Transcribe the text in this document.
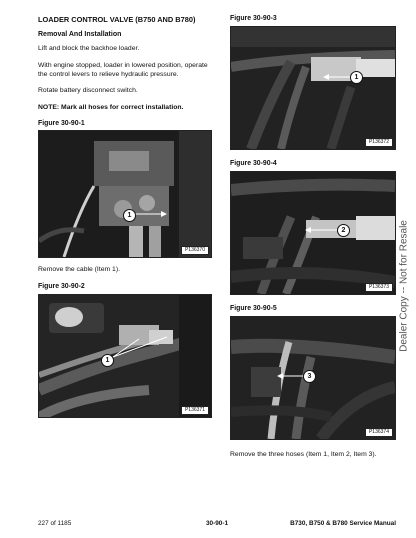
LOADER CONTROL VALVE (B750 AND B780)
Removal And Installation
Lift and block the backhoe loader.
With engine stopped, loader in lowered position, operate the control levers to relieve hydraulic pressure.
Rotate battery disconnect switch.
NOTE: Mark all hoses for correct installation.
Figure 30-90-1
1
P136370
Remove the cable (Item 1).
Figure 30-90-2
1
P136371
Figure 30-90-3
1
P136372
Figure 30-90-4
2
P136373
Figure 30-90-5
3
P136374
Remove the three hoses (Item 1, Item 2, Item 3).
Dealer Copy -- Not for Resale
227 of 1185	30-90-1	B730, B750 & B780 Service Manual
